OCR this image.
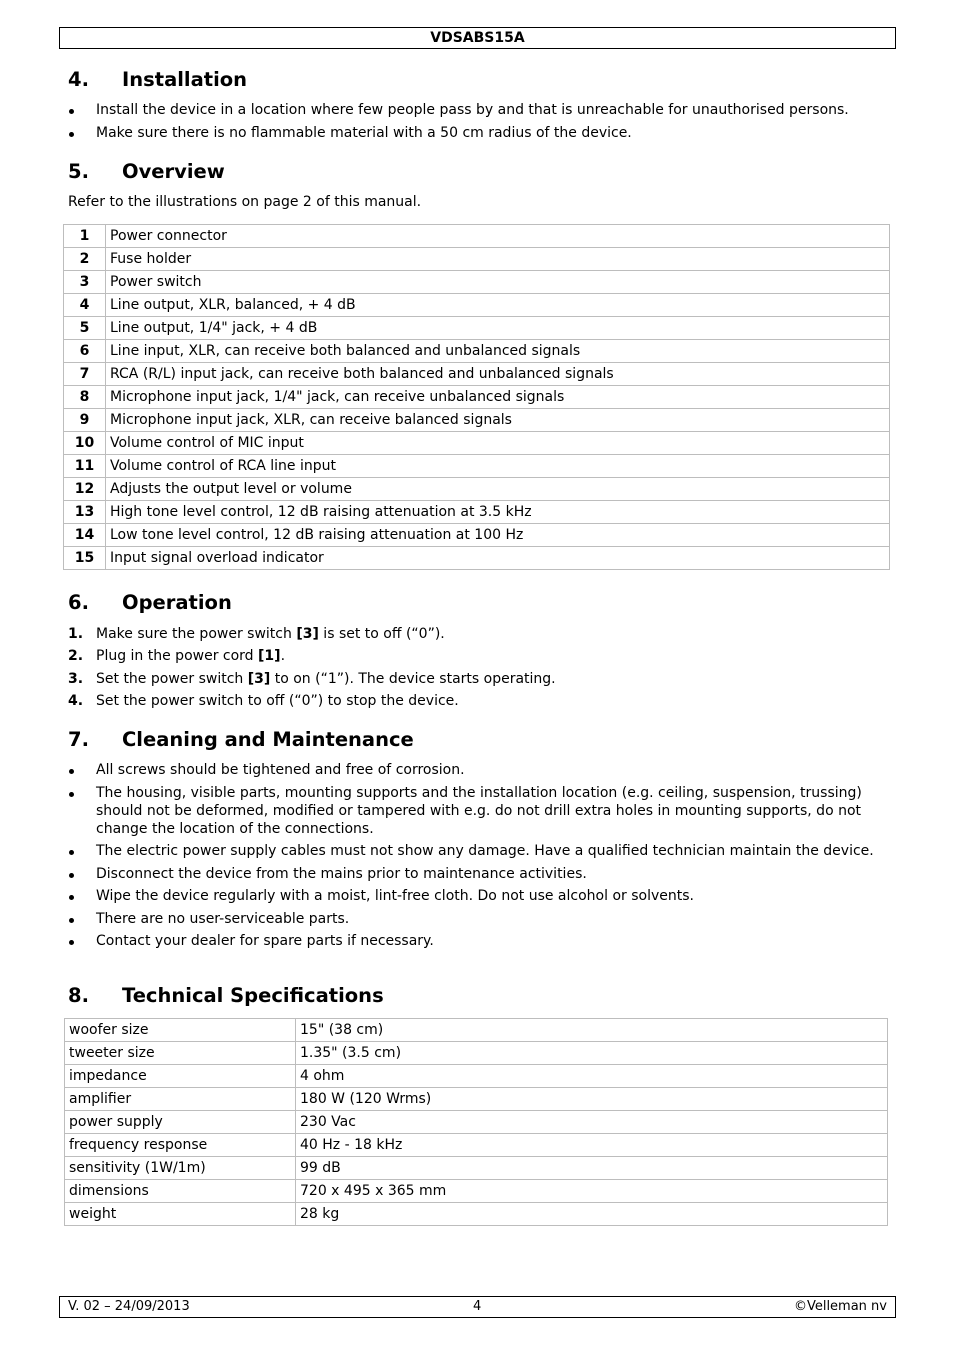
VDSABS15A
4. Installation
Install the device in a location where few people pass by and that is unreachable for unauthorised persons.
Make sure there is no flammable material with a 50 cm radius of the device.
5. Overview

Refer to the illustrations on page 2 of this manual.

1	Power connector
2	Fuse holder
3	Power switch
4	Line output, XLR, balanced, + 4 dB
5	Line output, 1/4" jack, + 4 dB
6	Line input, XLR, can receive both balanced and unbalanced signals
7	RCA (R/L) input jack, can receive both balanced and unbalanced signals
8	Microphone input jack, 1/4" jack, can receive unbalanced signals
9	Microphone input jack, XLR, can receive balanced signals
10	Volume control of MIC input
11	Volume control of RCA line input
12	Adjusts the output level or volume
13	High tone level control, 12 dB raising attenuation at 3.5 kHz
14	Low tone level control, 12 dB raising attenuation at 100 Hz
15	Input signal overload indicator
6. Operation
1. Make sure the power switch [3] is set to off (“0”).
2. Plug in the power cord [1].
3. Set the power switch [3] to on (“1”). The device starts operating.
4. Set the power switch to off (“0”) to stop the device.
7. Cleaning and Maintenance
All screws should be tightened and free of corrosion.
The housing, visible parts, mounting supports and the installation location (e.g. ceiling, suspension, trussing) should not be deformed, modified or tampered with e.g. do not drill extra holes in mounting supports, do not change the location of the connections.
The electric power supply cables must not show any damage. Have a qualified technician maintain the device.
Disconnect the device from the mains prior to maintenance activities.
Wipe the device regularly with a moist, lint-free cloth. Do not use alcohol or solvents.
There are no user-serviceable parts.
Contact your dealer for spare parts if necessary.
8. Technical Specifications
woofer size	15" (38 cm)
tweeter size	1.35" (3.5 cm)
impedance	4 ohm
amplifier	180 W (120 Wrms)
power supply	230 Vac
frequency response	40 Hz - 18 kHz
sensitivity (1W/1m)	99 dB
dimensions	720 x 495 x 365 mm
weight	28 kg
V. 02 – 24/09/2013	4	©Velleman nv
